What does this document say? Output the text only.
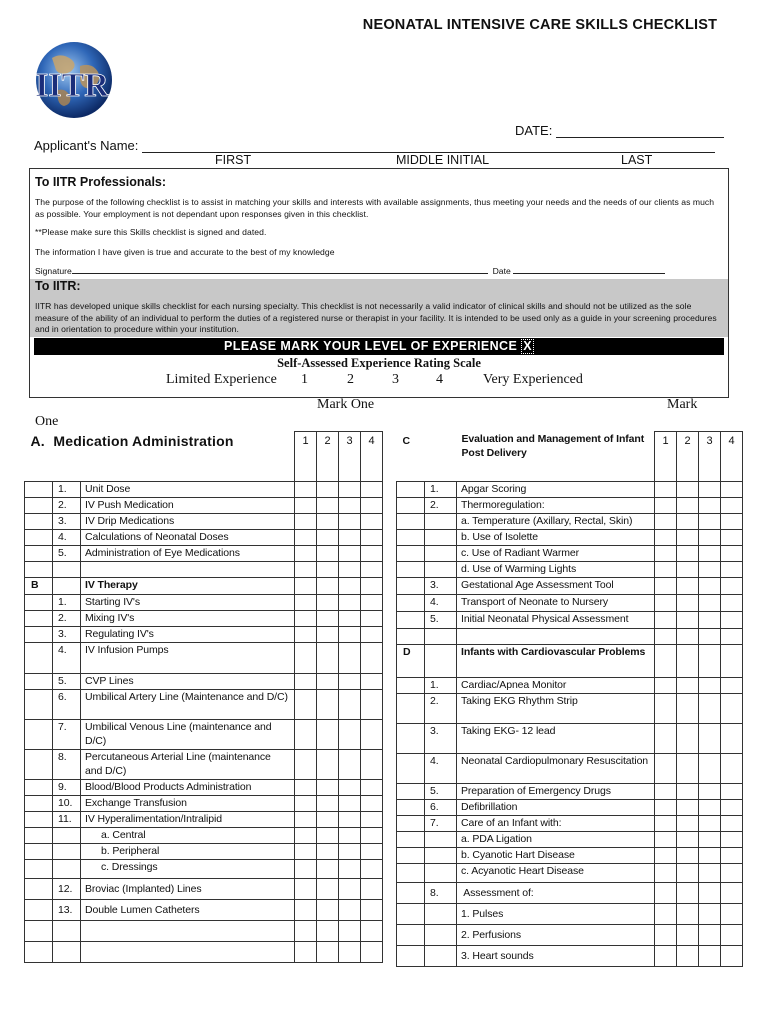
NEONATAL INTENSIVE CARE SKILLS CHECKLIST
IITR
DATE:
Applicant's Name:
FIRST	MIDDLE INITIAL	LAST
To IITR Professionals:
The purpose of the following checklist is to assist in matching your skills and interests with available assignments, thus meeting your needs and the needs of our clients as much as possible. Your employment is not dependant upon responses given in this checklist.
**Please make sure this Skills checklist is signed and dated.
The information I have given is true and accurate to the best of my knowledge
Signature	Date
To IITR:
IITR has developed unique skills checklist for each nursing specialty. This checklist is not necessarily a valid indicator of clinical skills and should not be utilized as the sole measure of the ability of an individual to perform the duties of a registered nurse or therapist in your facility. It is intended to be used only as a guide in your screening procedures and in orientation to procedure within your institution.
PLEASE MARK YOUR LEVEL OF EXPERIENCE X
Self-Assessed Experience Rating Scale
Limited Experience 1	2	3	4	Very Experienced
Mark One	Mark
One
A. Medication Administration			1	2	3	4
	1.	Unit Dose				
	2.	IV Push Medication				
	3.	IV Drip Medications				
	4.	Calculations of Neonatal Doses				
	5.	Administration of Eye Medications				

B		IV Therapy				
	1.	Starting IV's				
	2.	Mixing IV's				
	3.	Regulating IV's				
	4.	IV Infusion Pumps				
	5.	CVP Lines				
	6.	Umbilical Artery Line (Maintenance and D/C)				
	7.	Umbilical Venous Line (maintenance and D/C)				
	8.	Percutaneous Arterial Line (maintenance and D/C)				
	9.	Blood/Blood Products Administration				
	10.	Exchange Transfusion				
	11.	IV Hyperalimentation/Intralipid				
		a. Central				
		b. Peripheral				
		c. Dressings				
	12.	Broviac (Implanted) Lines				
	13.	Double Lumen Catheters				

C		Evaluation and Management of Infant Post Delivery	1	2	3	4
	1.	Apgar Scoring				
	2.	Thermoregulation:				
		a. Temperature (Axillary, Rectal, Skin)				
		b. Use of Isolette				
		c. Use of Radiant Warmer				
		d. Use of Warming Lights				
	3.	Gestational Age Assessment Tool				
	4.	Transport of Neonate to Nursery				
	5.	Initial Neonatal Physical Assessment				

D		Infants with Cardiovascular Problems				
	1.	Cardiac/Apnea Monitor				
	2.	Taking EKG Rhythm Strip				
	3.	Taking EKG- 12 lead				
	4.	Neonatal Cardiopulmonary Resuscitation				
	5.	Preparation of Emergency Drugs				
	6.	Defibrillation				
	7.	Care of an Infant with:				
		a. PDA Ligation				
		b. Cyanotic Hart Disease				
		c. Acyanotic Heart Disease				
	8.	Assessment of:				
		1. Pulses				
		2. Perfusions				
		3. Heart sounds				
